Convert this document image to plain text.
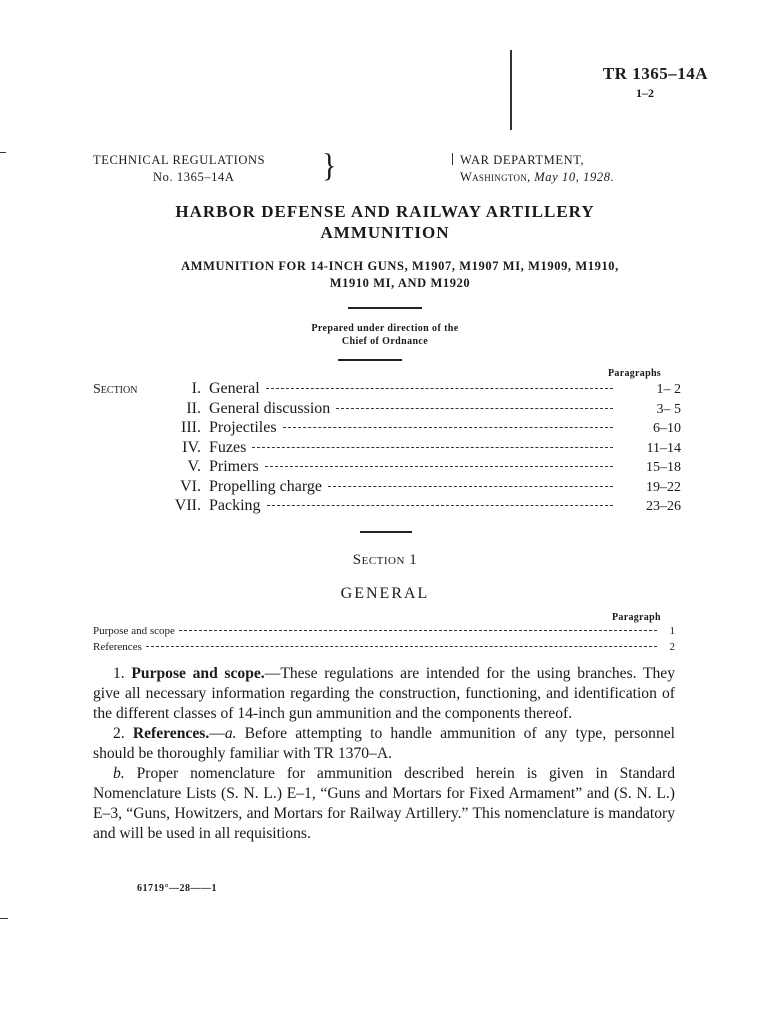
TR 1365–14A
1–2
TECHNICAL REGULATIONS
No. 1365–14A	}	WAR DEPARTMENT,
Washington, May 10, 1928.
HARBOR DEFENSE AND RAILWAY ARTILLERY
AMMUNITION
AMMUNITION FOR 14-INCH GUNS, M1907, M1907 MI, M1909, M1910,
M1910 MI, AND M1920
Prepared under direction of the
Chief of Ordnance
Paragraphs
Section	I. General	1– 2
II. General discussion	3– 5
III. Projectiles	6–10
IV. Fuzes	11–14
V. Primers	15–18
VI. Propelling charge	19–22
VII. Packing	23–26
Section 1
GENERAL
Paragraph
Purpose and scope	1
References	2

1. Purpose and scope.—These regulations are intended for the using branches. They give all necessary information regarding the construction, functioning, and identification of the different classes of 14-inch gun ammunition and the components thereof.

2. References.—a. Before attempting to handle ammunition of any type, personnel should be thoroughly familiar with TR 1370–A.

b. Proper nomenclature for ammunition described herein is given in Standard Nomenclature Lists (S. N. L.) E–1, “Guns and Mortars for Fixed Armament” and (S. N. L.) E–3, “Guns, Howitzers, and Mortars for Railway Artillery.” This nomenclature is mandatory and will be used in all requisitions.

61719°—28——1
